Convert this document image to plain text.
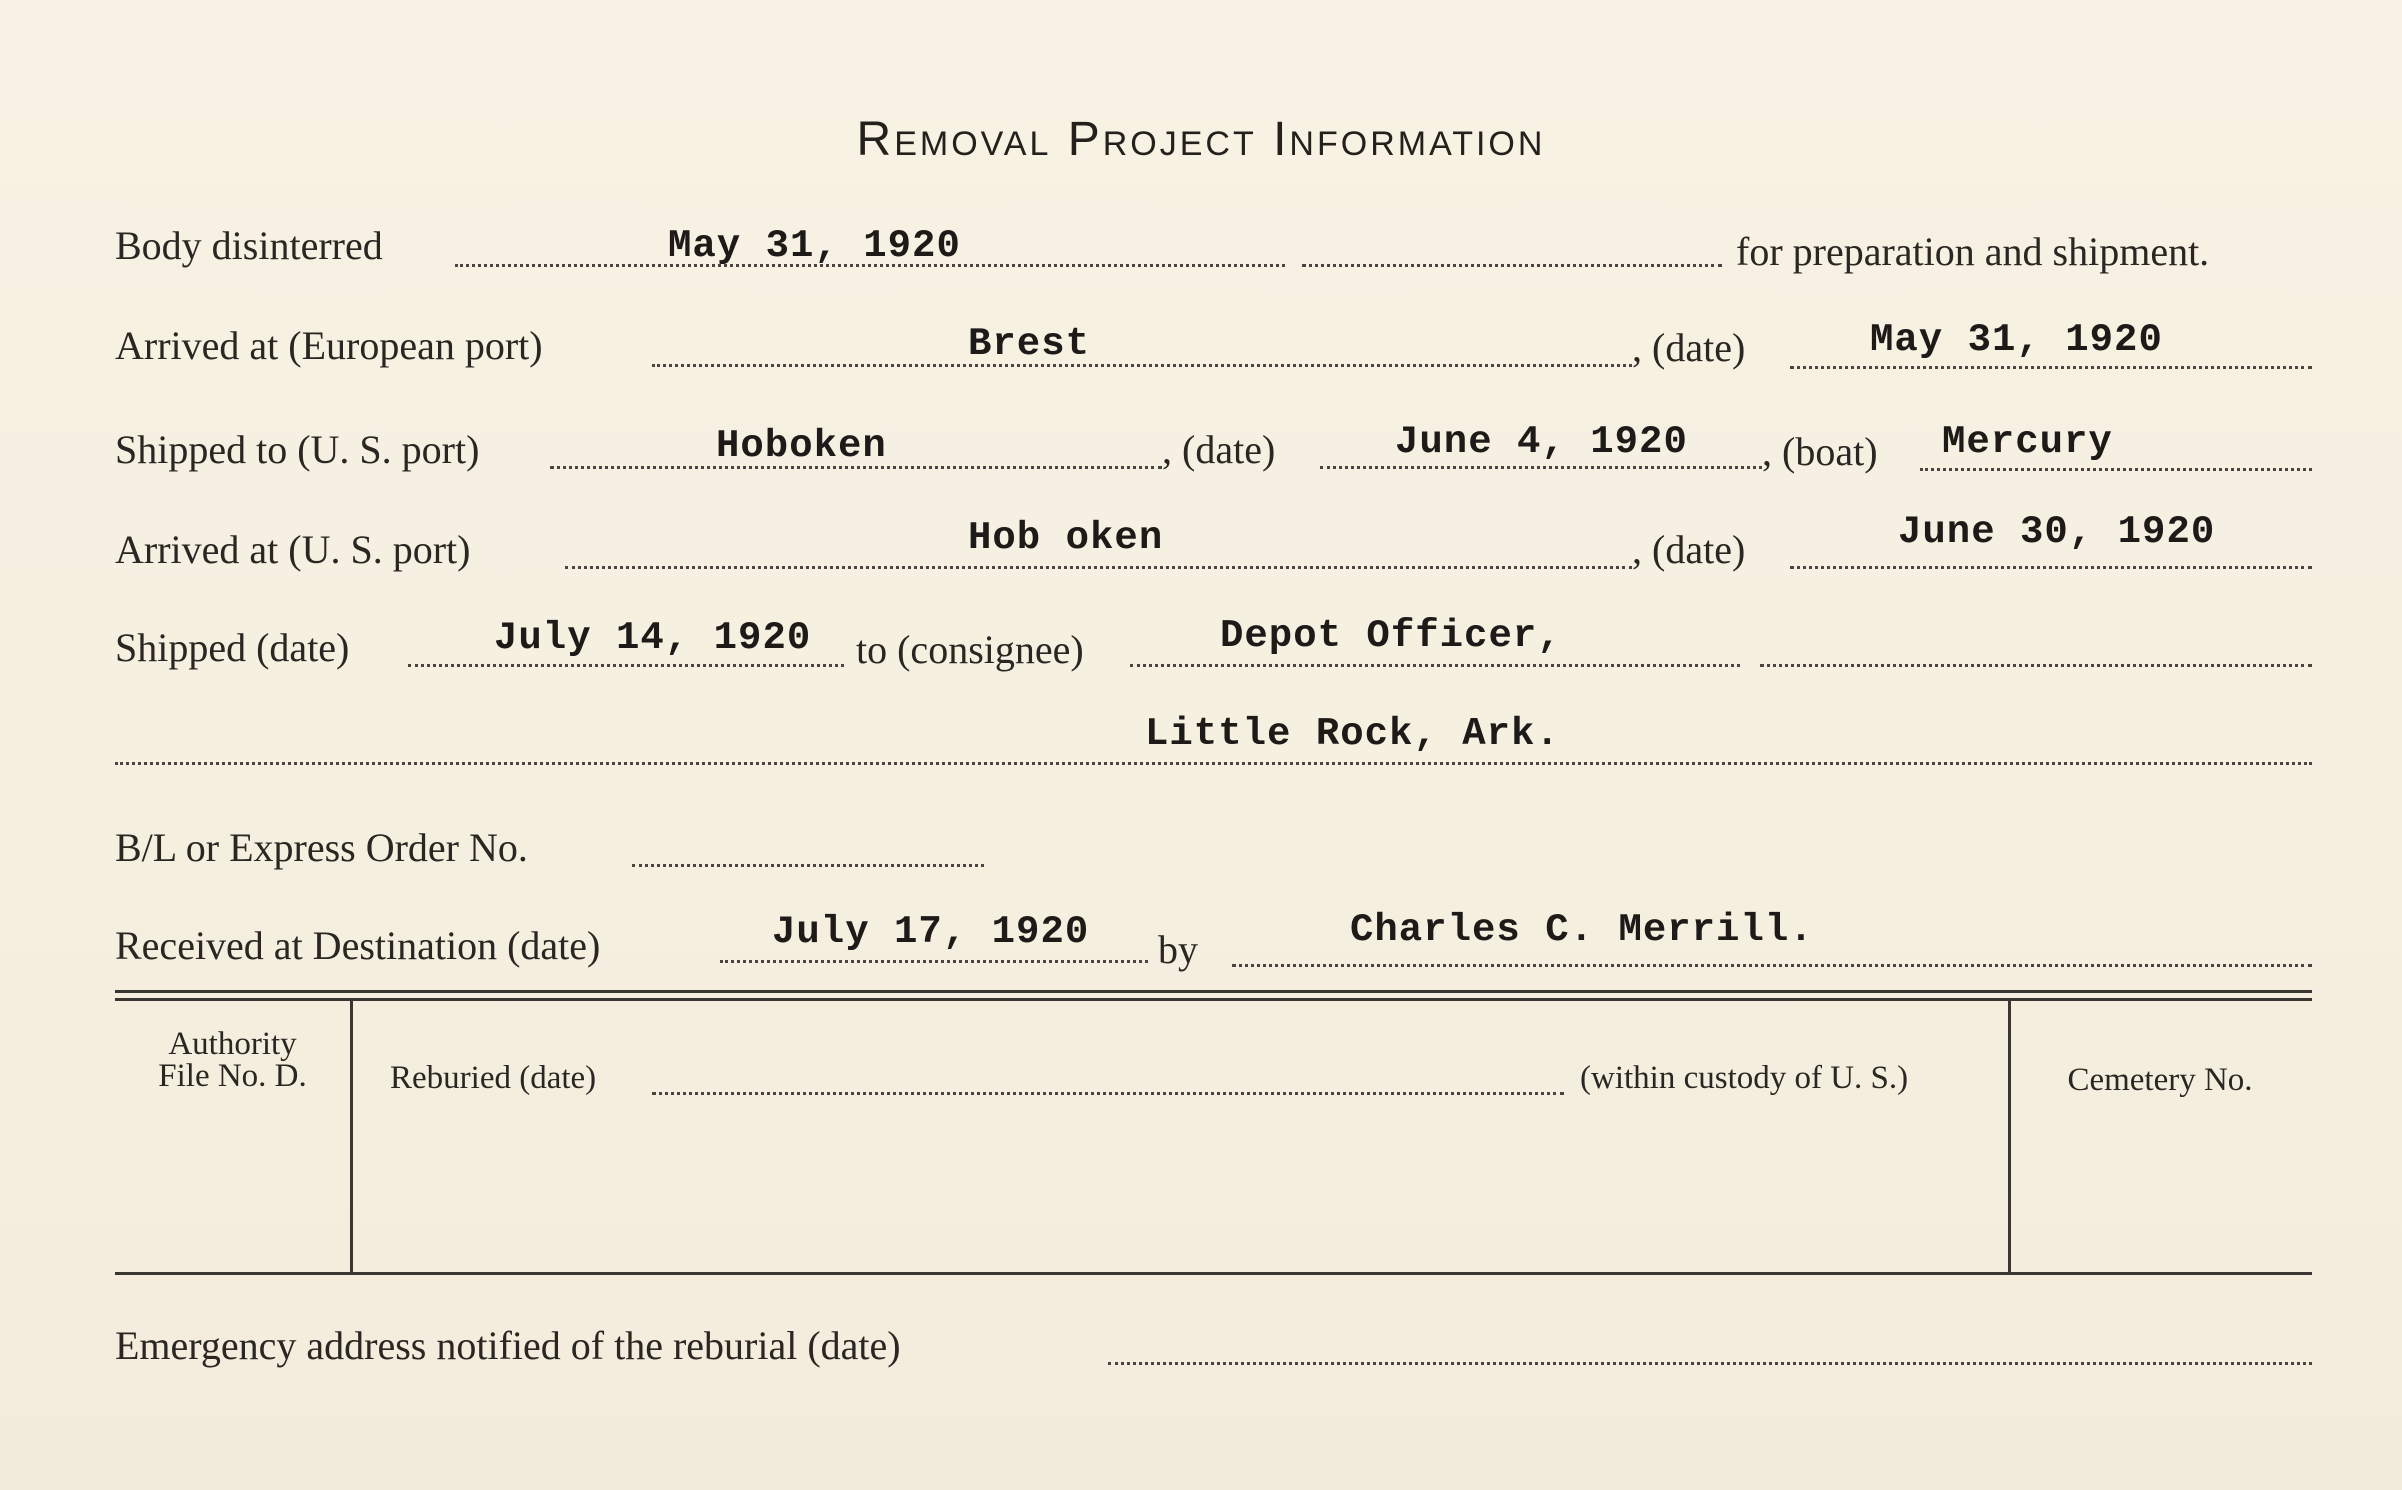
Removal Project Information
Body disinterred	May 31, 1920	for preparation and shipment.
Arrived at (European port)	Brest	, (date)	May 31, 1920
Shipped to (U. S. port)	Hoboken	, (date)	June 4, 1920 , (boat) Mercury
Arrived at (U. S. port)	Hob oken	, (date)	June 30, 1920
Shipped (date)	July 14, 1920 to (consignee)	Depot Officer,
Little Rock, Ark.
B/L or Express Order No.
Received at Destination (date)	July 17, 1920 by	Charles C. Merrill.
Authority
File No. D.	Reburied (date)	(within custody of U. S.)	Cemetery No.
Emergency address notified of the reburial (date)
